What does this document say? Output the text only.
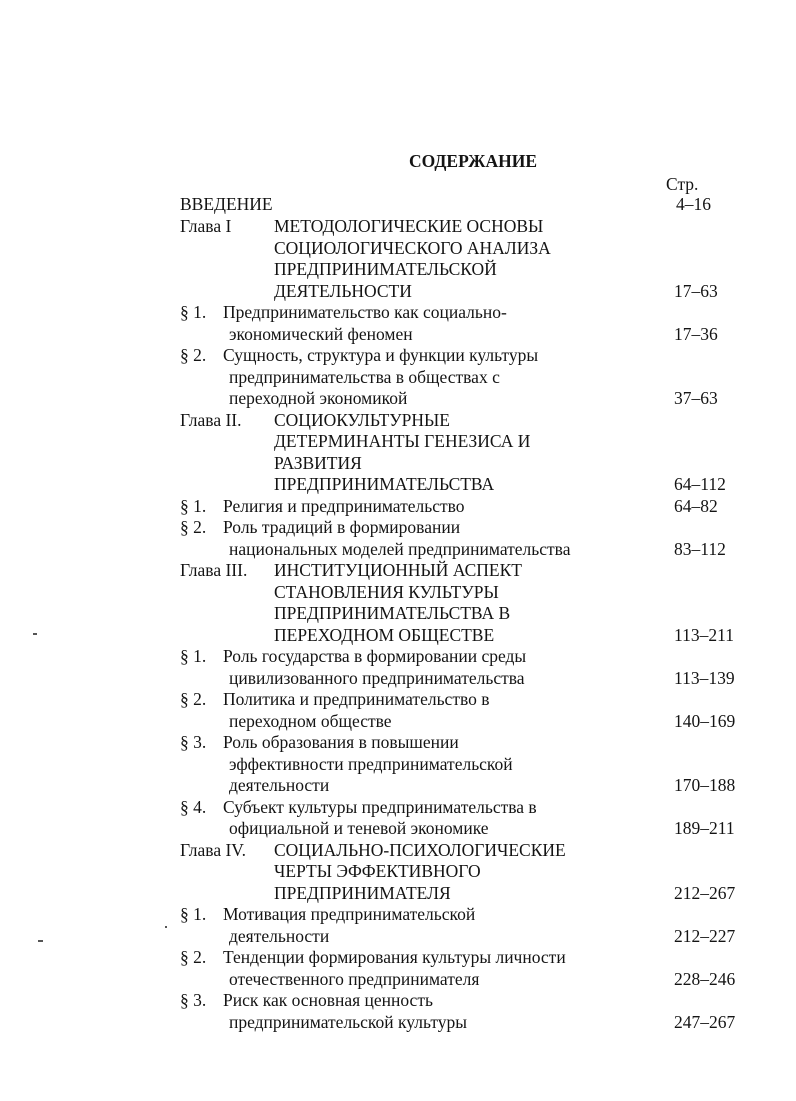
СОДЕРЖАНИЕ
Стр.
ВВЕДЕНИЕ	4–16
Глава I МЕТОДОЛОГИЧЕСКИЕ ОСНОВЫ
СОЦИОЛОГИЧЕСКОГО АНАЛИЗА
ПРЕДПРИНИМАТЕЛЬСКОЙ
ДЕЯТЕЛЬНОСТИ	17–63
§ 1. Предпринимательство как социально-
экономический феномен	17–36
§ 2. Сущность, структура и функции культуры
предпринимательства в обществах с
переходной экономикой	37–63
Глава II. СОЦИОКУЛЬТУРНЫЕ
ДЕТЕРМИНАНТЫ ГЕНЕЗИСА И
РАЗВИТИЯ
ПРЕДПРИНИМАТЕЛЬСТВА	64–112
§ 1. Религия и предпринимательство	64–82
§ 2. Роль традиций в формировании
национальных моделей предпринимательства	83–112
Глава III. ИНСТИТУЦИОННЫЙ АСПЕКТ
СТАНОВЛЕНИЯ КУЛЬТУРЫ
ПРЕДПРИНИМАТЕЛЬСТВА В
ПЕРЕХОДНОМ ОБЩЕСТВЕ	113–211
§ 1. Роль государства в формировании среды
цивилизованного предпринимательства	113–139
§ 2. Политика и предпринимательство в
переходном обществе	140–169
§ 3. Роль образования в повышении
эффективности предпринимательской
деятельности	170–188
§ 4. Субъект культуры предпринимательства в
официальной и теневой экономике	189–211
Глава IV. СОЦИАЛЬНО-ПСИХОЛОГИЧЕСКИЕ
ЧЕРТЫ ЭФФЕКТИВНОГО
ПРЕДПРИНИМАТЕЛЯ	212–267
§ 1. Мотивация предпринимательской
деятельности	212–227
§ 2. Тенденции формирования культуры личности
отечественного предпринимателя	228–246
§ 3. Риск как основная ценность
предпринимательской культуры	247–267
